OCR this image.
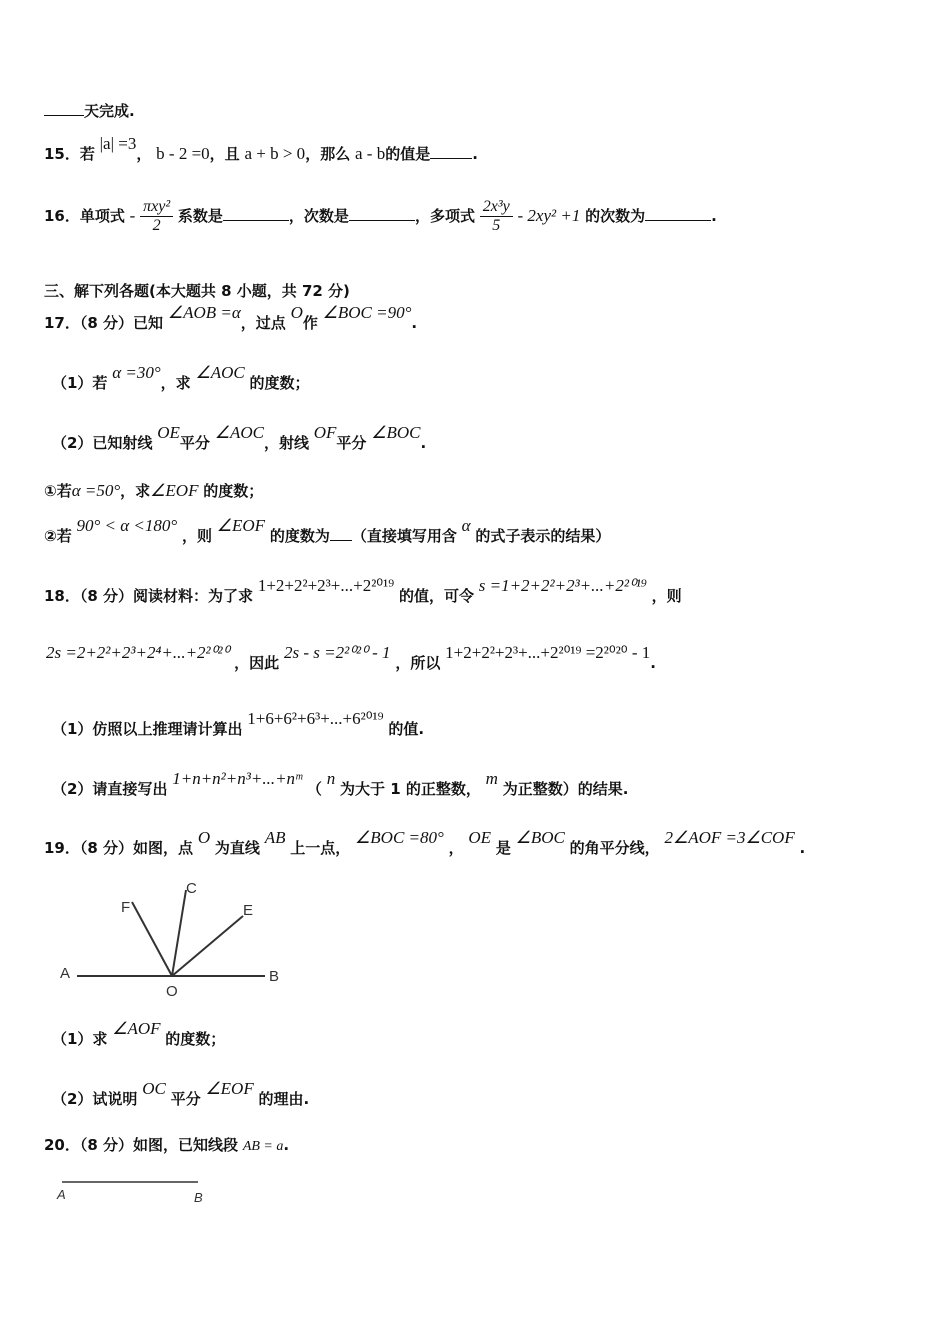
天完成.
15．若 |a| =3， b - 2 =0，且 a + b > 0，那么 a - b的值是	.
16．单项式 - $\frac{\text{πxy²}}{2}$ 系数是	，次数是	，多项式 $\frac{\text{2x³y}}{5} - 2xy^2 +1$ 的次数为	.
三、解下列各题(本大题共 8 小题，共 72 分)
17．（8 分）已知 ∠AOB =α，过点 O作 ∠BOC =90°.
（1）若 α =30°，求 ∠AOC 的度数；
（2）已知射线 OE平分 ∠AOC，射线 OF平分 ∠BOC.
①若α =50°，求∠EOF 的度数；
②若 90° < α <180° ，则 ∠EOF 的度数为 （直接填写用含 α 的式子表示的结果）
18．（8 分）阅读材料：为了求 1+2+2²+2³+...+2²⁰¹⁹ 的值，可令 s =1+2+2²+2³+...+2²⁰¹⁹ ，则
2s =2+2²+2³+2⁴+...+2²⁰²⁰ ，因此 2s - s =2²⁰²⁰ - 1 ，所以 1+2+2²+2³+...+2²⁰¹⁹ =2²⁰²⁰ - 1.
（1）仿照以上推理请计算出 1+6+6²+6³+...+6²⁰¹⁹ 的值.
（2）请直接写出 1+n+n²+n³+...+nᵐ （ n 为大于 1 的正整数， m 为正整数）的结果.
19．（8 分）如图，点 O 为直线 AB 上一点， ∠BOC =80° ， OE 是 ∠BOC 的角平分线， 2∠AOF =3∠COF .
A
O
B
F
C
E
（1）求 ∠AOF 的度数；
（2）试说明 OC 平分 ∠EOF 的理由.
20．（8 分）如图，已知线段 AB = a.
A	B
